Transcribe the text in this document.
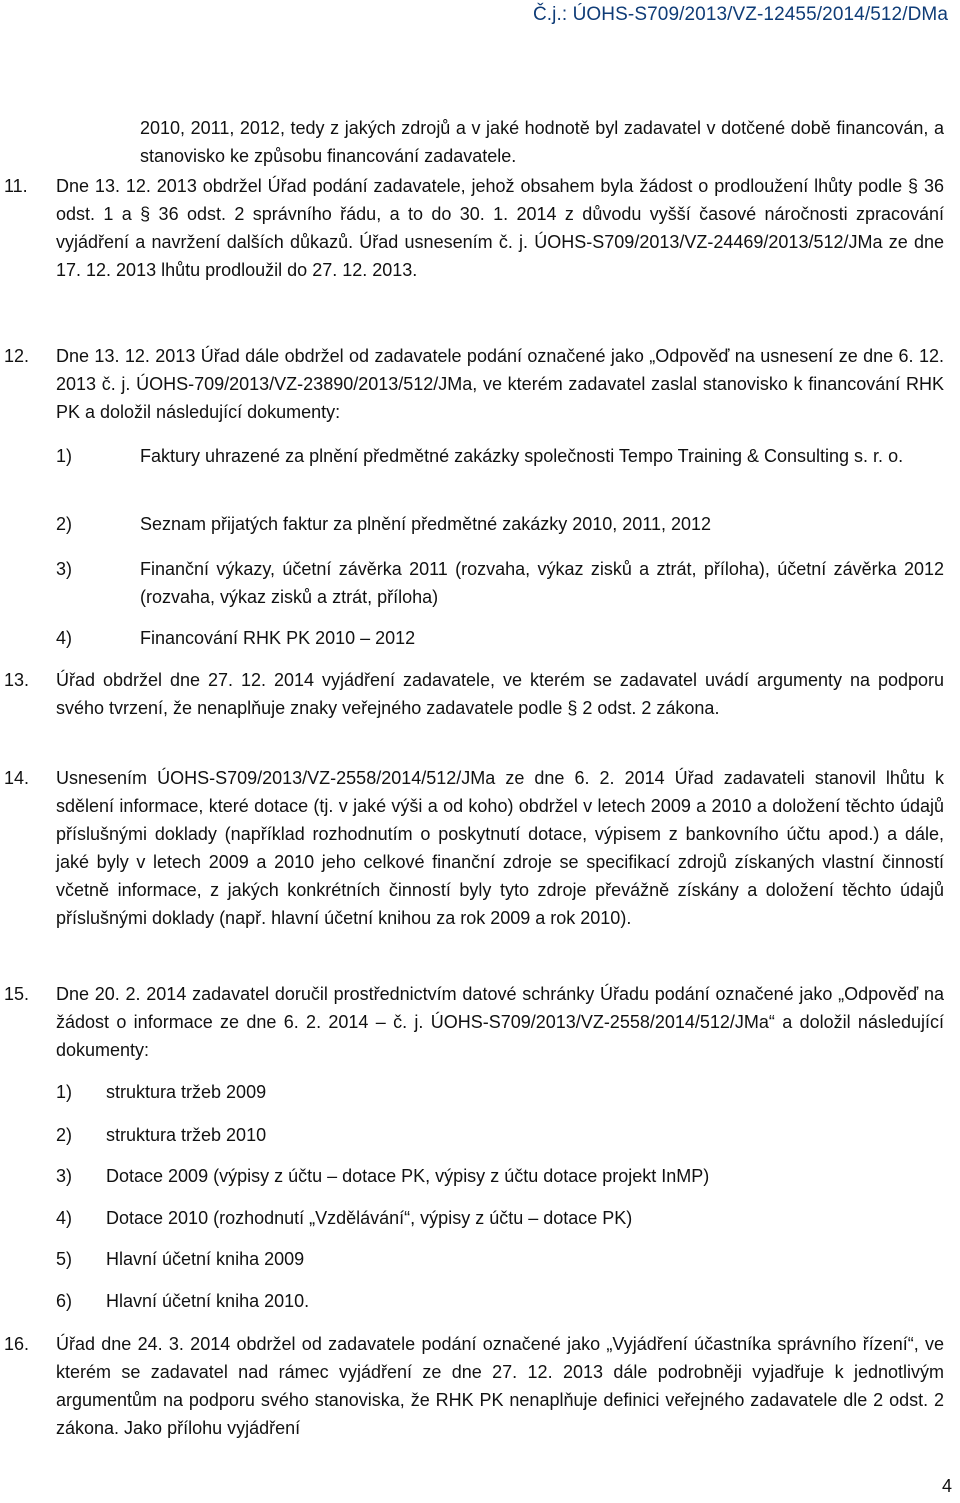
Č.j.: ÚOHS-S709/2013/VZ-12455/2014/512/DMa
2010, 2011, 2012, tedy z jakých zdrojů a v jaké hodnotě byl zadavatel v dotčené době financován, a stanovisko ke způsobu financování zadavatele.
11. Dne 13. 12. 2013 obdržel Úřad podání zadavatele, jehož obsahem byla žádost o prodloužení lhůty podle § 36 odst. 1 a § 36 odst. 2 správního řádu, a to do 30. 1. 2014 z důvodu vyšší časové náročnosti zpracování vyjádření a navržení dalších důkazů. Úřad usnesením č. j. ÚOHS-S709/2013/VZ-24469/2013/512/JMa ze dne 17. 12. 2013 lhůtu prodloužil do 27. 12. 2013.
12. Dne 13. 12. 2013 Úřad dále obdržel od zadavatele podání označené jako „Odpověď na usnesení ze dne 6. 12. 2013 č. j. ÚOHS-709/2013/VZ-23890/2013/512/JMa, ve kterém zadavatel zaslal stanovisko k financování RHK PK a doložil následující dokumenty:
1)	Faktury uhrazené za plnění předmětné zakázky společnosti Tempo Training & Consulting s. r. o.
2)	Seznam přijatých faktur za plnění předmětné zakázky 2010, 2011, 2012
3)	Finanční výkazy, účetní závěrka 2011 (rozvaha, výkaz zisků a ztrát, příloha), účetní závěrka 2012 (rozvaha, výkaz zisků a ztrát, příloha)
4)	Financování RHK PK 2010 – 2012
13. Úřad obdržel dne 27. 12. 2014 vyjádření zadavatele, ve kterém se zadavatel uvádí argumenty na podporu svého tvrzení, že nenaplňuje znaky veřejného zadavatele podle § 2 odst. 2 zákona.
14. Usnesením ÚOHS-S709/2013/VZ-2558/2014/512/JMa ze dne 6. 2. 2014 Úřad zadavateli stanovil lhůtu k sdělení informace, které dotace (tj. v jaké výši a od koho) obdržel v letech 2009 a 2010 a doložení těchto údajů příslušnými doklady (například rozhodnutím o poskytnutí dotace, výpisem z bankovního účtu apod.) a dále, jaké byly v letech 2009 a 2010 jeho celkové finanční zdroje se specifikací zdrojů získaných vlastní činností včetně informace, z jakých konkrétních činností byly tyto zdroje převážně získány a doložení těchto údajů příslušnými doklady (např. hlavní účetní knihou za rok 2009 a rok 2010).
15. Dne 20. 2. 2014 zadavatel doručil prostřednictvím datové schránky Úřadu podání označené jako „Odpověď na žádost o informace ze dne 6. 2. 2014 – č. j. ÚOHS-S709/2013/VZ-2558/2014/512/JMa“ a doložil následující dokumenty:
1) struktura tržeb 2009
2) struktura tržeb 2010
3) Dotace 2009 (výpisy z účtu – dotace PK, výpisy z účtu dotace projekt InMP)
4) Dotace 2010 (rozhodnutí „Vzdělávání“, výpisy z účtu – dotace PK)
5) Hlavní účetní kniha 2009
6) Hlavní účetní kniha 2010.
16. Úřad dne 24. 3. 2014 obdržel od zadavatele podání označené jako „Vyjádření účastníka správního řízení“, ve kterém se zadavatel nad rámec vyjádření ze dne 27. 12. 2013 dále podrobněji vyjadřuje k jednotlivým argumentům na podporu svého stanoviska, že RHK PK nenaplňuje definici veřejného zadavatele dle 2 odst. 2 zákona. Jako přílohu vyjádření
4
